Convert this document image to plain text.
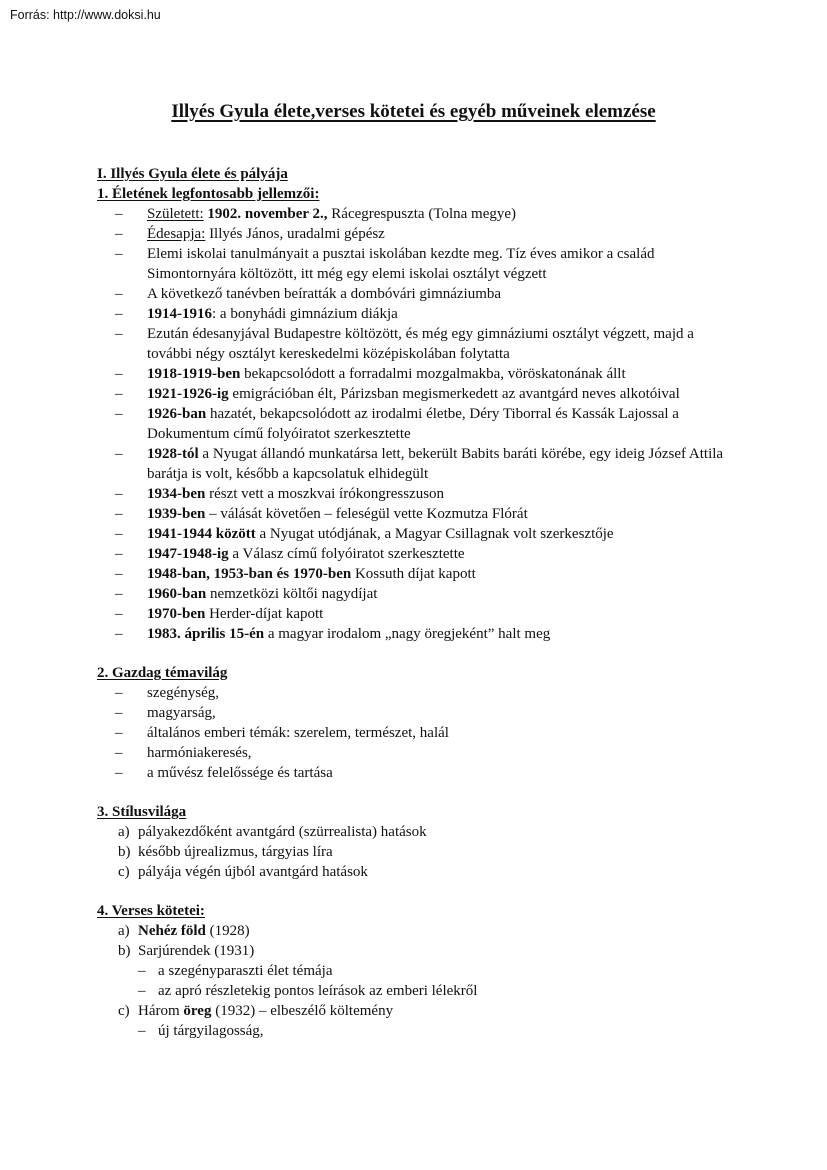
Forrás: http://www.doksi.hu
Illyés Gyula élete,verses kötetei és egyéb műveinek elemzése
I. Illyés Gyula élete és pályája
1. Életének legfontosabb jellemzői:
–	Született: 1902. november 2., Rácegrespuszta (Tolna megye)
–	Édesapja: Illyés János, uradalmi gépész
–	Elemi iskolai tanulmányait a pusztai iskolában kezdte meg. Tíz éves amikor a család Simontornyára költözött, itt még egy elemi iskolai osztályt végzett
–	A következő tanévben beíratták a dombóvári gimnáziumba
–	1914-1916: a bonyhádi gimnázium diákja
–	Ezután édesanyjával Budapestre költözött, és még egy gimnáziumi osztályt végzett, majd a további négy osztályt kereskedelmi középiskolában folytatta
–	1918-1919-ben bekapcsolódott a forradalmi mozgalmakba, vöröskatonának állt
–	1921-1926-ig emigrációban élt, Párizsban megismerkedett az avantgárd neves alkotóival
–	1926-ban hazatét, bekapcsolódott az irodalmi életbe, Déry Tiborral és Kassák Lajossal a Dokumentum című folyóiratot szerkesztette
–	1928-tól a Nyugat állandó munkatársa lett, bekerült Babits baráti körébe, egy ideig József Attila barátja is volt, később a kapcsolatuk elhidegült
–	1934-ben részt vett a moszkvai írókongresszuson
–	1939-ben – válását követően – feleségül vette Kozmutza Flórát
–	1941-1944 között a Nyugat utódjának, a Magyar Csillagnak volt szerkesztője
–	1947-1948-ig a Válasz című folyóiratot szerkesztette
–	1948-ban, 1953-ban és 1970-ben Kossuth díjat kapott
–	1960-ban nemzetközi költői nagydíjat
–	1970-ben Herder-díjat kapott
–	1983. április 15-én a magyar irodalom „nagy öregjeként” halt meg
2. Gazdag témavilág
–	szegénység,
–	magyarság,
–	általános emberi témák: szerelem, természet, halál
–	harmóniakeresés,
–	a művész felelőssége és tartása
3. Stílusvilága
a) pályakezdőként avantgárd (szürrealista) hatások
b) később újrealizmus, tárgyias líra
c) pályája végén újból avantgárd hatások
4. Verses kötetei:
a) Nehéz föld (1928)
b) Sarjúrendek (1931)
– a szegényparaszti élet témája
– az apró részletekig pontos leírások az emberi lélekről
c) Három öreg (1932) – elbeszélő költemény
– új tárgyilagosság,
